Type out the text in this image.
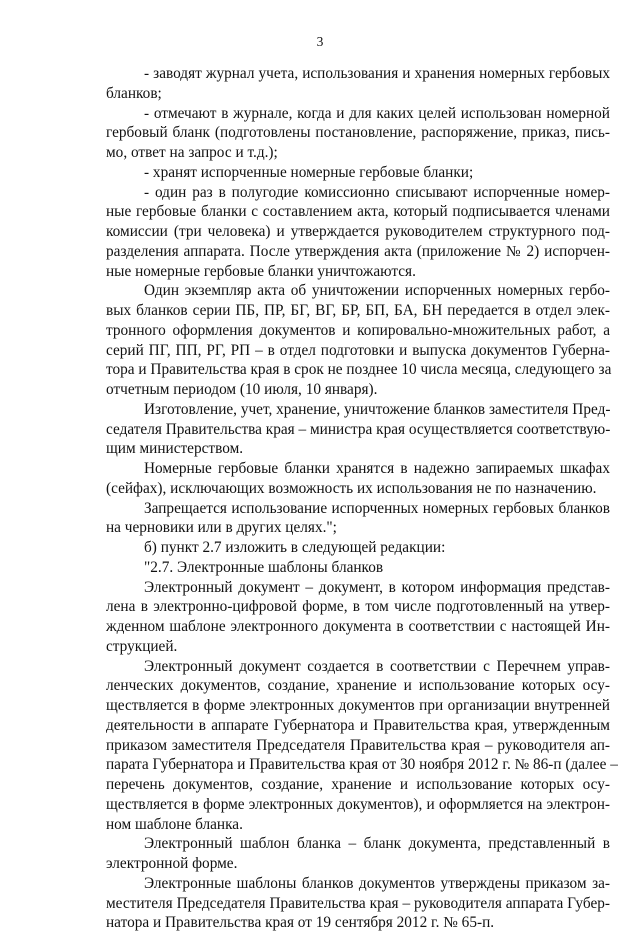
3
- заводят журнал учета, использования и хранения номерных гербовых
бланков;
- отмечают в журнале, когда и для каких целей использован номерной
гербовый бланк (подготовлены постановление, распоряжение, приказ, пись-
мо, ответ на запрос и т.д.);
- хранят испорченные номерные гербовые бланки;
- один раз в полугодие комиссионно списывают испорченные номер-
ные гербовые бланки с составлением акта, который подписывается членами
комиссии (три человека) и утверждается руководителем структурного под-
разделения аппарата. После утверждения акта (приложение № 2) испорчен-
ные номерные гербовые бланки уничтожаются.
Один экземпляр акта об уничтожении испорченных номерных гербо-
вых бланков серии ПБ, ПР, БГ, ВГ, БР, БП, БА, БН передается в отдел элек-
тронного оформления документов и копировально-множительных работ, а
серий ПГ, ПП, РГ, РП – в отдел подготовки и выпуска документов Губерна-
тора и Правительства края в срок не позднее 10 числа месяца, следующего за
отчетным периодом (10 июля, 10 января).
Изготовление, учет, хранение, уничтожение бланков заместителя Пред-
седателя Правительства края – министра края осуществляется соответствую-
щим министерством.
Номерные гербовые бланки хранятся в надежно запираемых шкафах
(сейфах), исключающих возможность их использования не по назначению.
Запрещается использование испорченных номерных гербовых бланков
на черновики или в других целях.";
б) пункт 2.7 изложить в следующей редакции:
"2.7. Электронные шаблоны бланков
Электронный документ – документ, в котором информация представ-
лена в электронно-цифровой форме, в том числе подготовленный на утвер-
жденном шаблоне электронного документа в соответствии с настоящей Ин-
струкцией.
Электронный документ создается в соответствии с Перечнем управ-
ленческих документов, создание, хранение и использование которых осу-
ществляется в форме электронных документов при организации внутренней
деятельности в аппарате Губернатора и Правительства края, утвержденным
приказом заместителя Председателя Правительства края – руководителя ап-
парата Губернатора и Правительства края от 30 ноября 2012 г. № 86-п (далее –
перечень документов, создание, хранение и использование которых осу-
ществляется в форме электронных документов), и оформляется на электрон-
ном шаблоне бланка.
Электронный шаблон бланка – бланк документа, представленный в
электронной форме.
Электронные шаблоны бланков документов утверждены приказом за-
местителя Председателя Правительства края – руководителя аппарата Губер-
натора и Правительства края от 19 сентября 2012 г. № 65-п.
